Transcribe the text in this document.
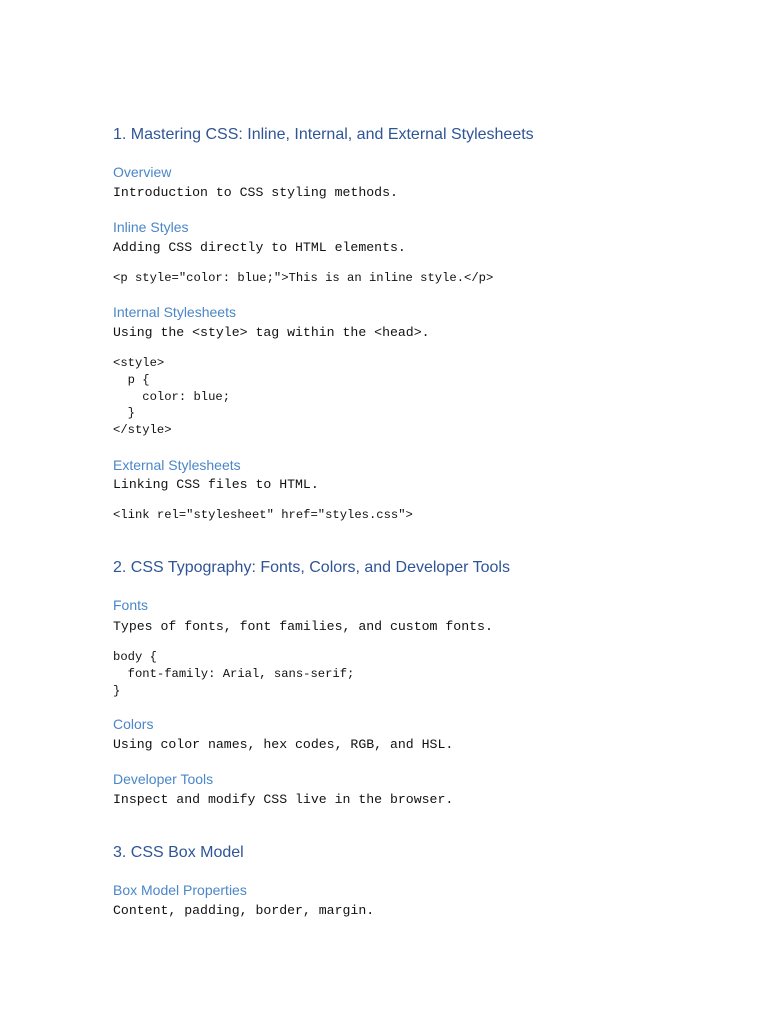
1. Mastering CSS: Inline, Internal, and External Stylesheets
Overview
Introduction to CSS styling methods.
Inline Styles
Adding CSS directly to HTML elements.
<p style="color: blue;">This is an inline style.</p>
Internal Stylesheets
Using the <style> tag within the <head>.
<style>
p {
color: blue;
}
</style>
External Stylesheets
Linking CSS files to HTML.
<link rel="stylesheet" href="styles.css">
2. CSS Typography: Fonts, Colors, and Developer Tools
Fonts
Types of fonts, font families, and custom fonts.
body {
font-family: Arial, sans-serif;
}
Colors
Using color names, hex codes, RGB, and HSL.
Developer Tools
Inspect and modify CSS live in the browser.
3. CSS Box Model
Box Model Properties
Content, padding, border, margin.
